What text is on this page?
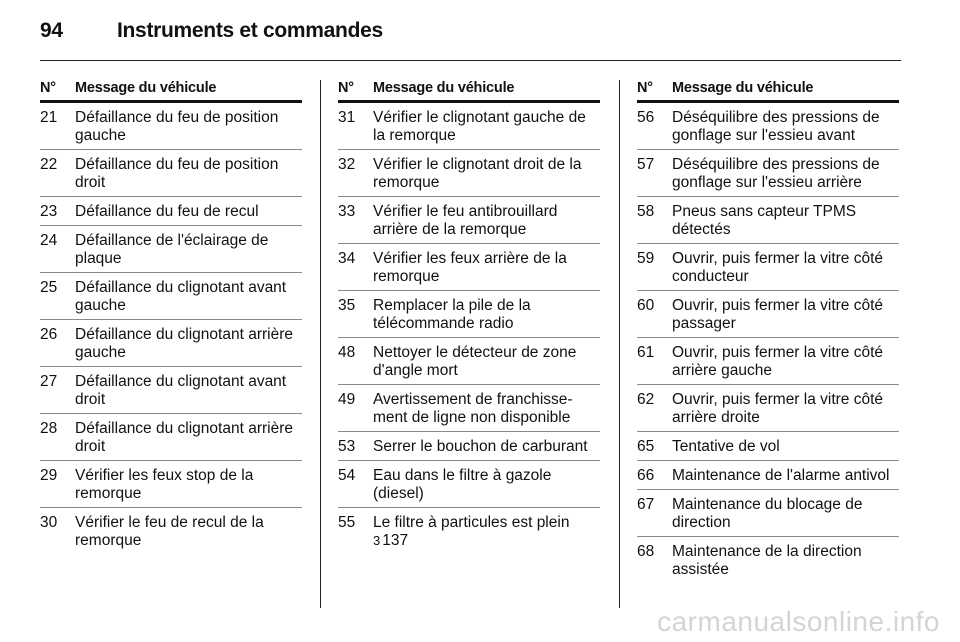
94	Instruments et commandes
N°	Message du véhicule
21	Défaillance du feu de position
gauche
22	Défaillance du feu de position
droit
23	Défaillance du feu de recul
24	Défaillance de l'éclairage de
plaque
25	Défaillance du clignotant avant
gauche
26	Défaillance du clignotant arrière
gauche
27	Défaillance du clignotant avant
droit
28	Défaillance du clignotant arrière
droit
29	Vérifier les feux stop de la
remorque
30	Vérifier le feu de recul de la
remorque
N°	Message du véhicule
31	Vérifier le clignotant gauche de
la remorque
32	Vérifier le clignotant droit de la
remorque
33	Vérifier le feu antibrouillard
arrière de la remorque
34	Vérifier les feux arrière de la
remorque
35	Remplacer la pile de la
télécommande radio
48	Nettoyer le détecteur de zone
d'angle mort
49	Avertissement de franchisse-
ment de ligne non disponible
53	Serrer le bouchon de carburant
54	Eau dans le filtre à gazole
(diesel)
55	Le filtre à particules est plein
3 137
N°	Message du véhicule
56	Déséquilibre des pressions de
gonflage sur l'essieu avant
57	Déséquilibre des pressions de
gonflage sur l'essieu arrière
58	Pneus sans capteur TPMS
détectés
59	Ouvrir, puis fermer la vitre côté
conducteur
60	Ouvrir, puis fermer la vitre côté
passager
61	Ouvrir, puis fermer la vitre côté
arrière gauche
62	Ouvrir, puis fermer la vitre côté
arrière droite
65	Tentative de vol
66	Maintenance de l'alarme antivol
67	Maintenance du blocage de
direction
68	Maintenance de la direction
assistée
carmanualsonline.info
